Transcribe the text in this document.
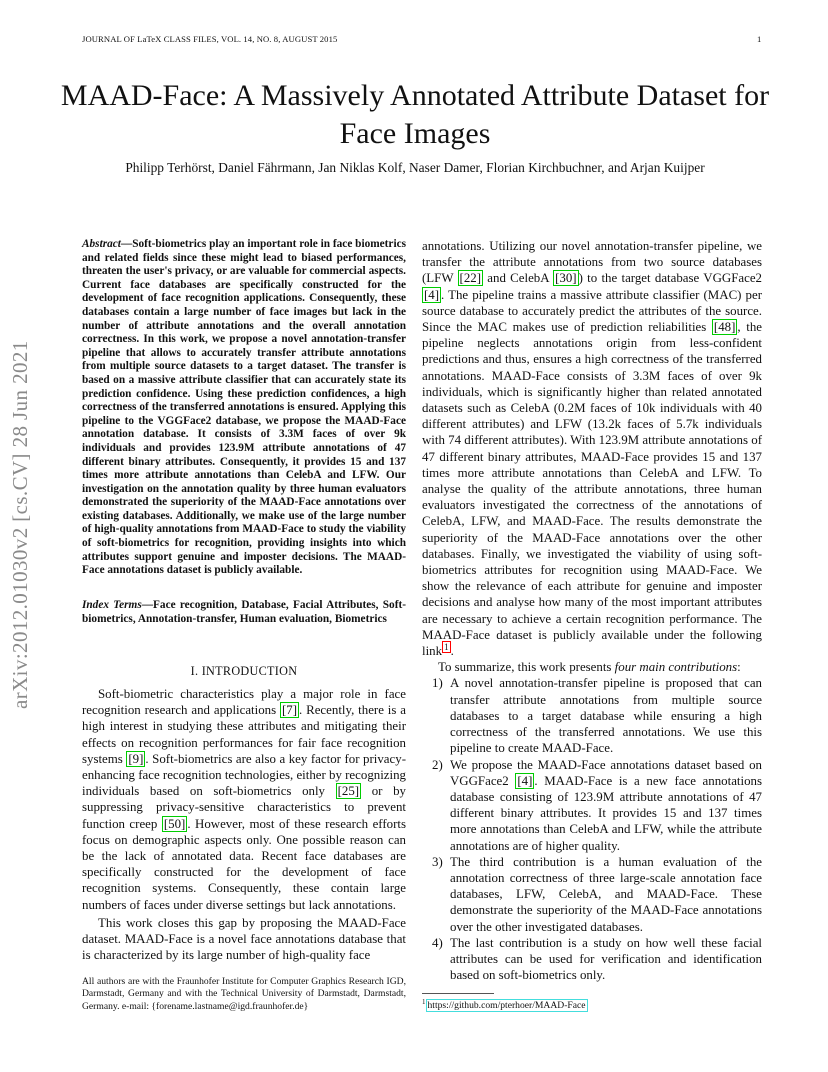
JOURNAL OF LaTeX CLASS FILES, VOL. 14, NO. 8, AUGUST 2015	1
MAAD-Face: A Massively Annotated Attribute Dataset for Face Images
Philipp Terhörst, Daniel Fährmann, Jan Niklas Kolf, Naser Damer, Florian Kirchbuchner, and Arjan Kuijper
arXiv:2012.01030v2 [cs.CV] 28 Jun 2021

Abstract—Soft-biometrics play an important role in face biometrics and related fields since these might lead to biased performances, threaten the user's privacy, or are valuable for commercial aspects. Current face databases are specifically constructed for the development of face recognition applications. Consequently, these databases contain a large number of face images but lack in the number of attribute annotations and the overall annotation correctness. In this work, we propose a novel annotation-transfer pipeline that allows to accurately transfer attribute annotations from multiple source datasets to a target dataset. The transfer is based on a massive attribute classifier that can accurately state its prediction confidence. Using these prediction confidences, a high correctness of the transferred annotations is ensured. Applying this pipeline to the VGGFace2 database, we propose the MAAD-Face annotation database. It consists of 3.3M faces of over 9k individuals and provides 123.9M attribute annotations of 47 different binary attributes. Consequently, it provides 15 and 137 times more attribute annotations than CelebA and LFW. Our investigation on the annotation quality by three human evaluators demonstrated the superiority of the MAAD-Face annotations over existing databases. Additionally, we make use of the large number of high-quality annotations from MAAD-Face to study the viability of soft-biometrics for recognition, providing insights into which attributes support genuine and imposter decisions. The MAAD-Face annotations dataset is publicly available.

Index Terms—Face recognition, Database, Facial Attributes, Soft-biometrics, Annotation-transfer, Human evaluation, Biometrics

I. INTRODUCTION

Soft-biometric characteristics play a major role in face recognition research and applications [7] . Recently, there is a high interest in studying these attributes and mitigating their effects on recognition performances for fair face recognition systems [9] . Soft-biometrics are also a key factor for privacy-enhancing face recognition technologies, either by recognizing individuals based on soft-biometrics only [25] or by suppressing privacy-sensitive characteristics to prevent function creep [50] . However, most of these research efforts focus on demographic aspects only. One possible reason can be the lack of annotated data. Recent face databases are specifically constructed for the development of face recognition systems. Consequently, these contain large numbers of faces under diverse settings but lack annotations.

This work closes this gap by proposing the MAAD-Face dataset. MAAD-Face is a novel face annotations database that is characterized by its large number of high-quality face

All authors are with the Fraunhofer Institute for Computer Graphics Research IGD, Darmstadt, Germany and with the Technical University of Darmstadt, Darmstadt, Germany. e-mail: {forename.lastname@igd.fraunhofer.de}

annotations. Utilizing our novel annotation-transfer pipeline, we transfer the attribute annotations from two source databases (LFW [22] and CelebA [30] ) to the target database VGGFace2 [4] . The pipeline trains a massive attribute classifier (MAC) per source database to accurately predict the attributes of the source. Since the MAC makes use of prediction reliabilities [48] , the pipeline neglects annotations origin from less-confident predictions and thus, ensures a high correctness of the transferred annotations. MAAD-Face consists of 3.3M faces of over 9k individuals, which is significantly higher than related annotated datasets such as CelebA (0.2M faces of 10k individuals with 40 different attributes) and LFW (13.2k faces of 5.7k individuals with 74 different attributes). With 123.9M attribute annotations of 47 different binary attributes, MAAD-Face provides 15 and 137 times more attribute annotations than CelebA and LFW. To analyse the quality of the attribute annotations, three human evaluators investigated the correctness of the annotations of CelebA, LFW, and MAAD-Face. The results demonstrate the superiority of the MAAD-Face annotations over the other databases. Finally, we investigated the viability of using soft-biometrics attributes for recognition using MAAD-Face. We show the relevance of each attribute for genuine and imposter decisions and analyse how many of the most important attributes are necessary to achieve a certain recognition performance. The MAAD-Face dataset is publicly available under the following link $^1$ .

To summarize, this work presents four main contributions:

1) A novel annotation-transfer pipeline is proposed that can transfer attribute annotations from multiple source databases to a target database while ensuring a high correctness of the transferred annotations. We use this pipeline to create MAAD-Face.
2) We propose the MAAD-Face annotations dataset based on VGGFace2 [4] . MAAD-Face is a new face annotations database consisting of 123.9M attribute annotations of 47 different binary attributes. It provides 15 and 137 times more annotations than CelebA and LFW, while the attribute annotations are of higher quality.
3) The third contribution is a human evaluation of the annotation correctness of three large-scale annotation face databases, LFW, CelebA, and MAAD-Face. These demonstrate the superiority of the MAAD-Face annotations over the other investigated databases.
4) The last contribution is a study on how well these facial attributes can be used for verification and identification based on soft-biometrics only.
$^1$ https://github.com/pterhoer/MAAD-Face
